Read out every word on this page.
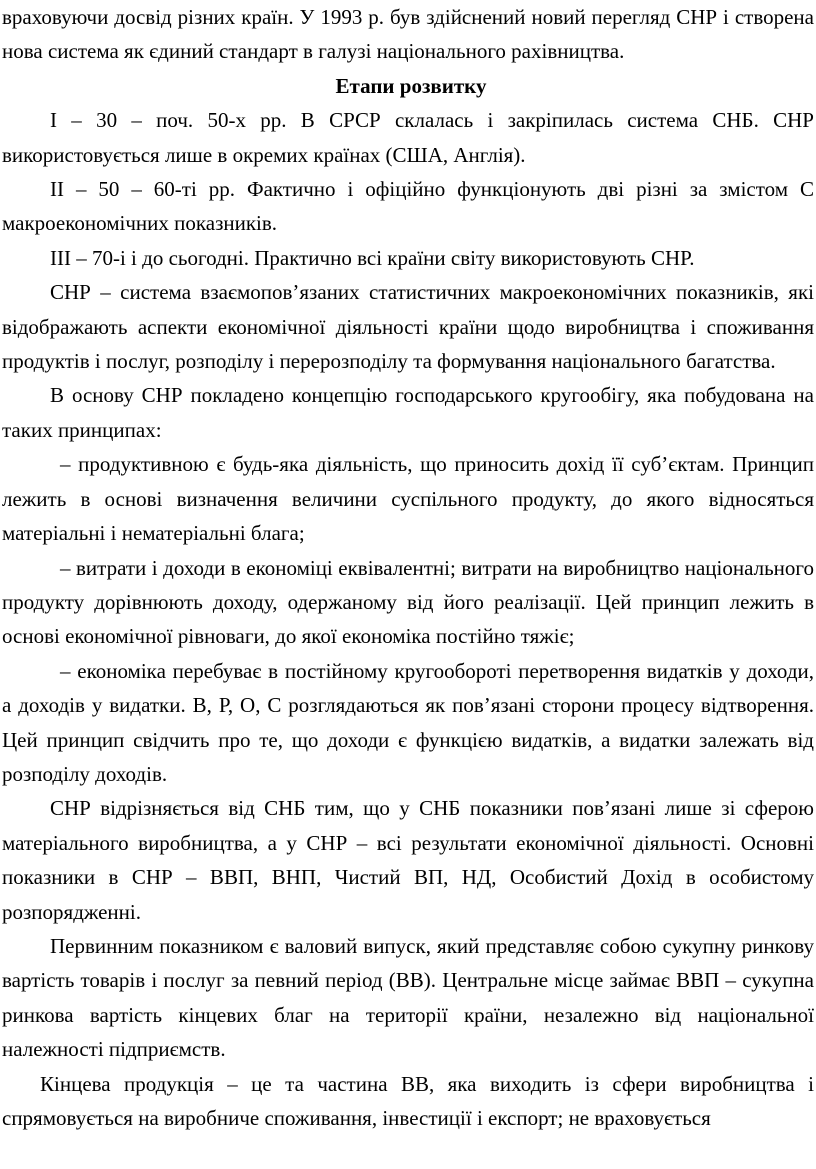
враховуючи досвід різних країн. У 1993 р. був здійснений новий перегляд СНР і створена нова система як єдиний стандарт в галузі національного рахівництва.

Етапи розвитку

І – 30 – поч. 50-х рр. В СРСР склалась і закріпилась система СНБ. СНР використовується лише в окремих країнах (США, Англія).

ІІ – 50 – 60-ті рр. Фактично і офіційно функціонують дві різні за змістом С макроекономічних показників.

ІІІ – 70-і і до сьогодні. Практично всі країни світу використовують СНР.

СНР – система взаємопов’язаних статистичних макроекономічних показників, які відображають аспекти економічної діяльності країни щодо виробництва і споживання продуктів і послуг, розподілу і перерозподілу та формування національного багатства.

В основу СНР покладено концепцію господарського кругообігу, яка побудована на таких принципах:

– продуктивною є будь-яка діяльність, що приносить дохід її суб’єктам. Принцип лежить в основі визначення величини суспільного продукту, до якого відносяться матеріальні і нематеріальні блага;

– витрати і доходи в економіці еквівалентні; витрати на виробництво національного продукту дорівнюють доходу, одержаному від його реалізації. Цей принцип лежить в основі економічної рівноваги, до якої економіка постійно тяжіє;

– економіка перебуває в постійному кругообороті перетворення видатків у доходи, а доходів у видатки. В, Р, О, С розглядаються як пов’язані сторони процесу відтворення. Цей принцип свідчить про те, що доходи є функцією видатків, а видатки залежать від розподілу доходів.

СНР відрізняється від СНБ тим, що у СНБ показники пов’язані лише зі сферою матеріального виробництва, а у СНР – всі результати економічної діяльності. Основні показники в СНР – ВВП, ВНП, Чистий ВП, НД, Особистий Дохід в особистому розпорядженні.

Первинним показником є валовий випуск, який представляє собою сукупну ринкову вартість товарів і послуг за певний період (ВВ). Центральне місце займає ВВП – сукупна ринкова вартість кінцевих благ на території країни, незалежно від національної належності підприємств.

Кінцева продукція – це та частина ВВ, яка виходить із сфери виробництва і спрямовується на виробниче споживання, інвестиції і експорт; не враховується
